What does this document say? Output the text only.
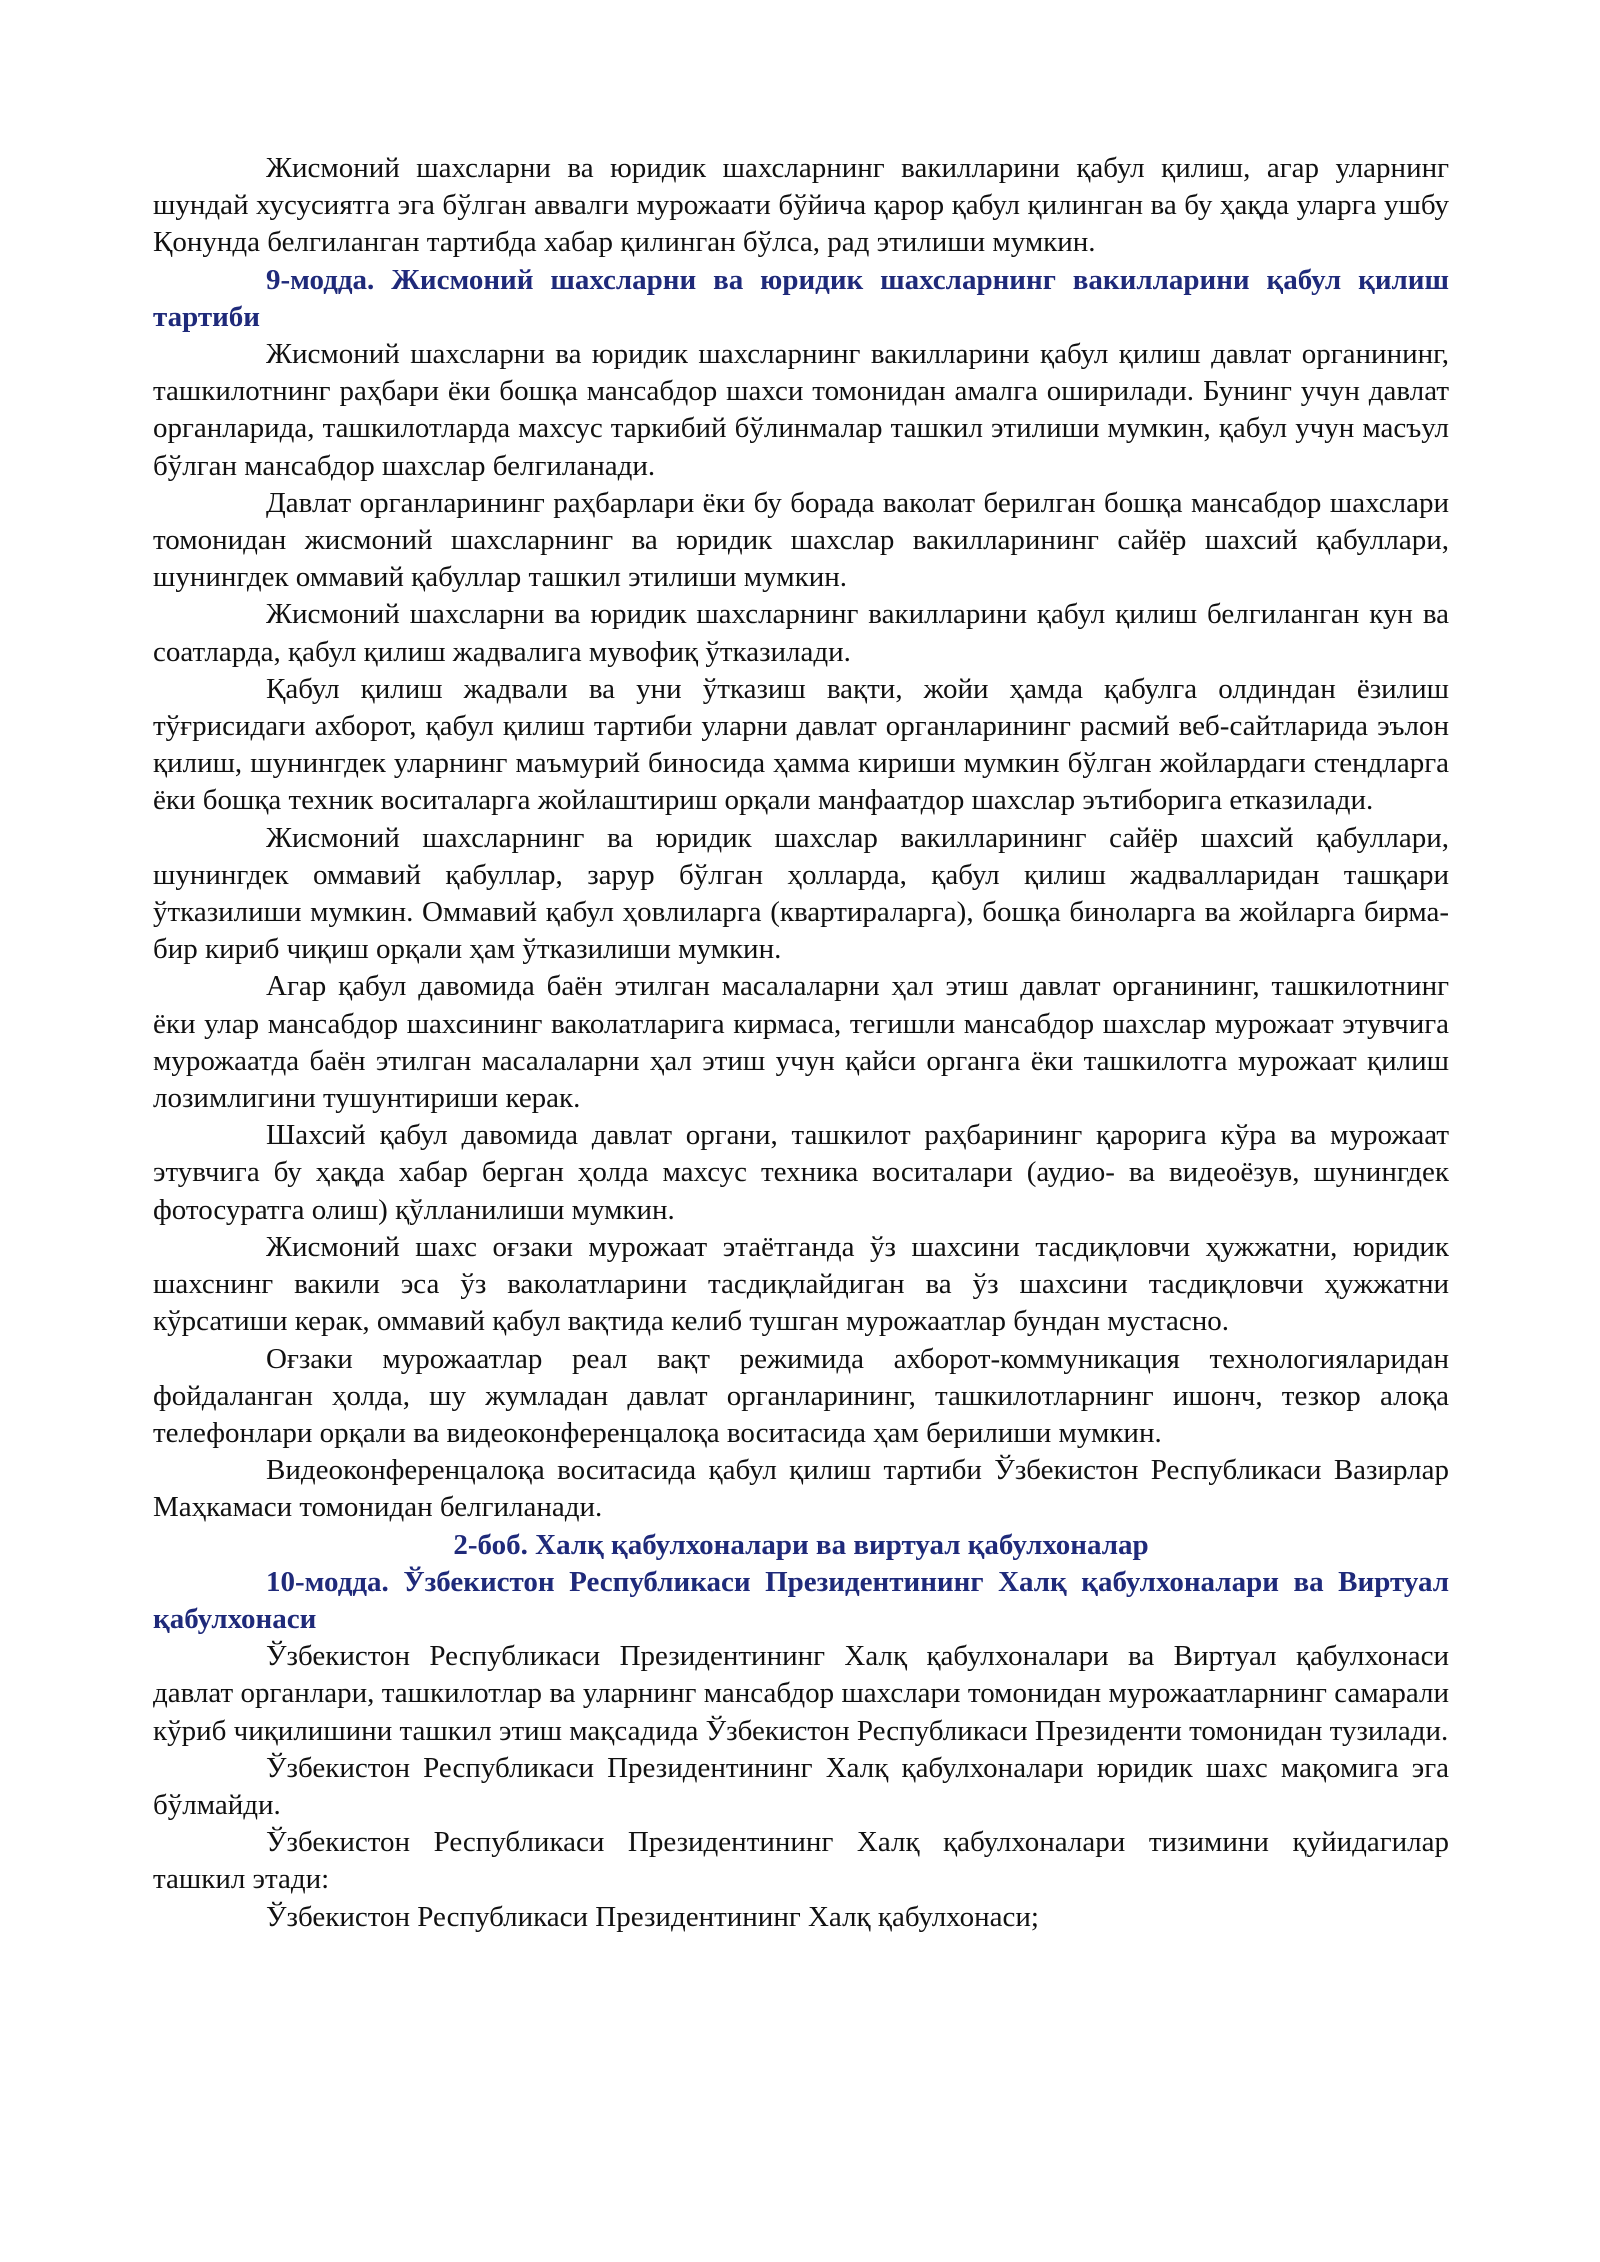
Жисмоний шахсларни ва юридик шахсларнинг вакилларини қабул қилиш, агар уларнинг шундай хусусиятга эга бўлган аввалги мурожаати бўйича қарор қабул қилинган ва бу ҳақда уларга ушбу Қонунда белгиланган тартибда хабар қилинган бўлса, рад этилиши мумкин.

9-модда. Жисмоний шахсларни ва юридик шахсларнинг вакилларини қабул қилиш тартиби

Жисмоний шахсларни ва юридик шахсларнинг вакилларини қабул қилиш давлат органининг, ташкилотнинг раҳбари ёки бошқа мансабдор шахси томонидан амалга оширилади. Бунинг учун давлат органларида, ташкилотларда махсус таркибий бўлинмалар ташкил этилиши мумкин, қабул учун масъул бўлган мансабдор шахслар белгиланади.

Давлат органларининг раҳбарлари ёки бу борада ваколат берилган бошқа мансабдор шахслари томонидан жисмоний шахсларнинг ва юридик шахслар вакилларининг сайёр шахсий қабуллари, шунингдек оммавий қабуллар ташкил этилиши мумкин.

Жисмоний шахсларни ва юридик шахсларнинг вакилларини қабул қилиш белгиланган кун ва соатларда, қабул қилиш жадвалига мувофиқ ўтказилади.

Қабул қилиш жадвали ва уни ўтказиш вақти, жойи ҳамда қабулга олдиндан ёзилиш тўғрисидаги ахборот, қабул қилиш тартиби уларни давлат органларининг расмий веб-сайтларида эълон қилиш, шунингдек уларнинг маъмурий биносида ҳамма кириши мумкин бўлган жойлардаги стендларга ёки бошқа техник воситаларга жойлаштириш орқали манфаатдор шахслар эътиборига етказилади.

Жисмоний шахсларнинг ва юридик шахслар вакилларининг сайёр шахсий қабуллари, шунингдек оммавий қабуллар, зарур бўлган ҳолларда, қабул қилиш жадвалларидан ташқари ўтказилиши мумкин. Оммавий қабул ҳовлиларга (квартираларга), бошқа биноларга ва жойларга бирма-бир кириб чиқиш орқали ҳам ўтказилиши мумкин.

Агар қабул давомида баён этилган масалаларни ҳал этиш давлат органининг, ташкилотнинг ёки улар мансабдор шахсининг ваколатларига кирмаса, тегишли мансабдор шахслар мурожаат этувчига мурожаатда баён этилган масалаларни ҳал этиш учун қайси органга ёки ташкилотга мурожаат қилиш лозимлигини тушунтириши керак.

Шахсий қабул давомида давлат органи, ташкилот раҳбарининг қарорига кўра ва мурожаат этувчига бу ҳақда хабар берган ҳолда махсус техника воситалари (аудио- ва видеоёзув, шунингдек фотосуратга олиш) қўлланилиши мумкин.

Жисмоний шахс оғзаки мурожаат этаётганда ўз шахсини тасдиқловчи ҳужжатни, юридик шахснинг вакили эса ўз ваколатларини тасдиқлайдиган ва ўз шахсини тасдиқловчи ҳужжатни кўрсатиши керак, оммавий қабул вақтида келиб тушган мурожаатлар бундан мустасно.

Оғзаки мурожаатлар реал вақт режимида ахборот-коммуникация технологияларидан фойдаланган ҳолда, шу жумладан давлат органларининг, ташкилотларнинг ишонч, тезкор алоқа телефонлари орқали ва видеоконференцалоқа воситасида ҳам берилиши мумкин.

Видеоконференцалоқа воситасида қабул қилиш тартиби Ўзбекистон Республикаси Вазирлар Маҳкамаси томонидан белгиланади.

2-боб. Халқ қабулхоналари ва виртуал қабулхоналар

10-модда. Ўзбекистон Республикаси Президентининг Халқ қабулхоналари ва Виртуал қабулхонаси

Ўзбекистон Республикаси Президентининг Халқ қабулхоналари ва Виртуал қабулхонаси давлат органлари, ташкилотлар ва уларнинг мансабдор шахслари томонидан мурожаатларнинг самарали кўриб чиқилишини ташкил этиш мақсадида Ўзбекистон Республикаси Президенти томонидан тузилади.

Ўзбекистон Республикаси Президентининг Халқ қабулхоналари юридик шахс мақомига эга бўлмайди.

Ўзбекистон Республикаси Президентининг Халқ қабулхоналари тизимини қуйидагилар ташкил этади:

Ўзбекистон Республикаси Президентининг Халқ қабулхонаси;
